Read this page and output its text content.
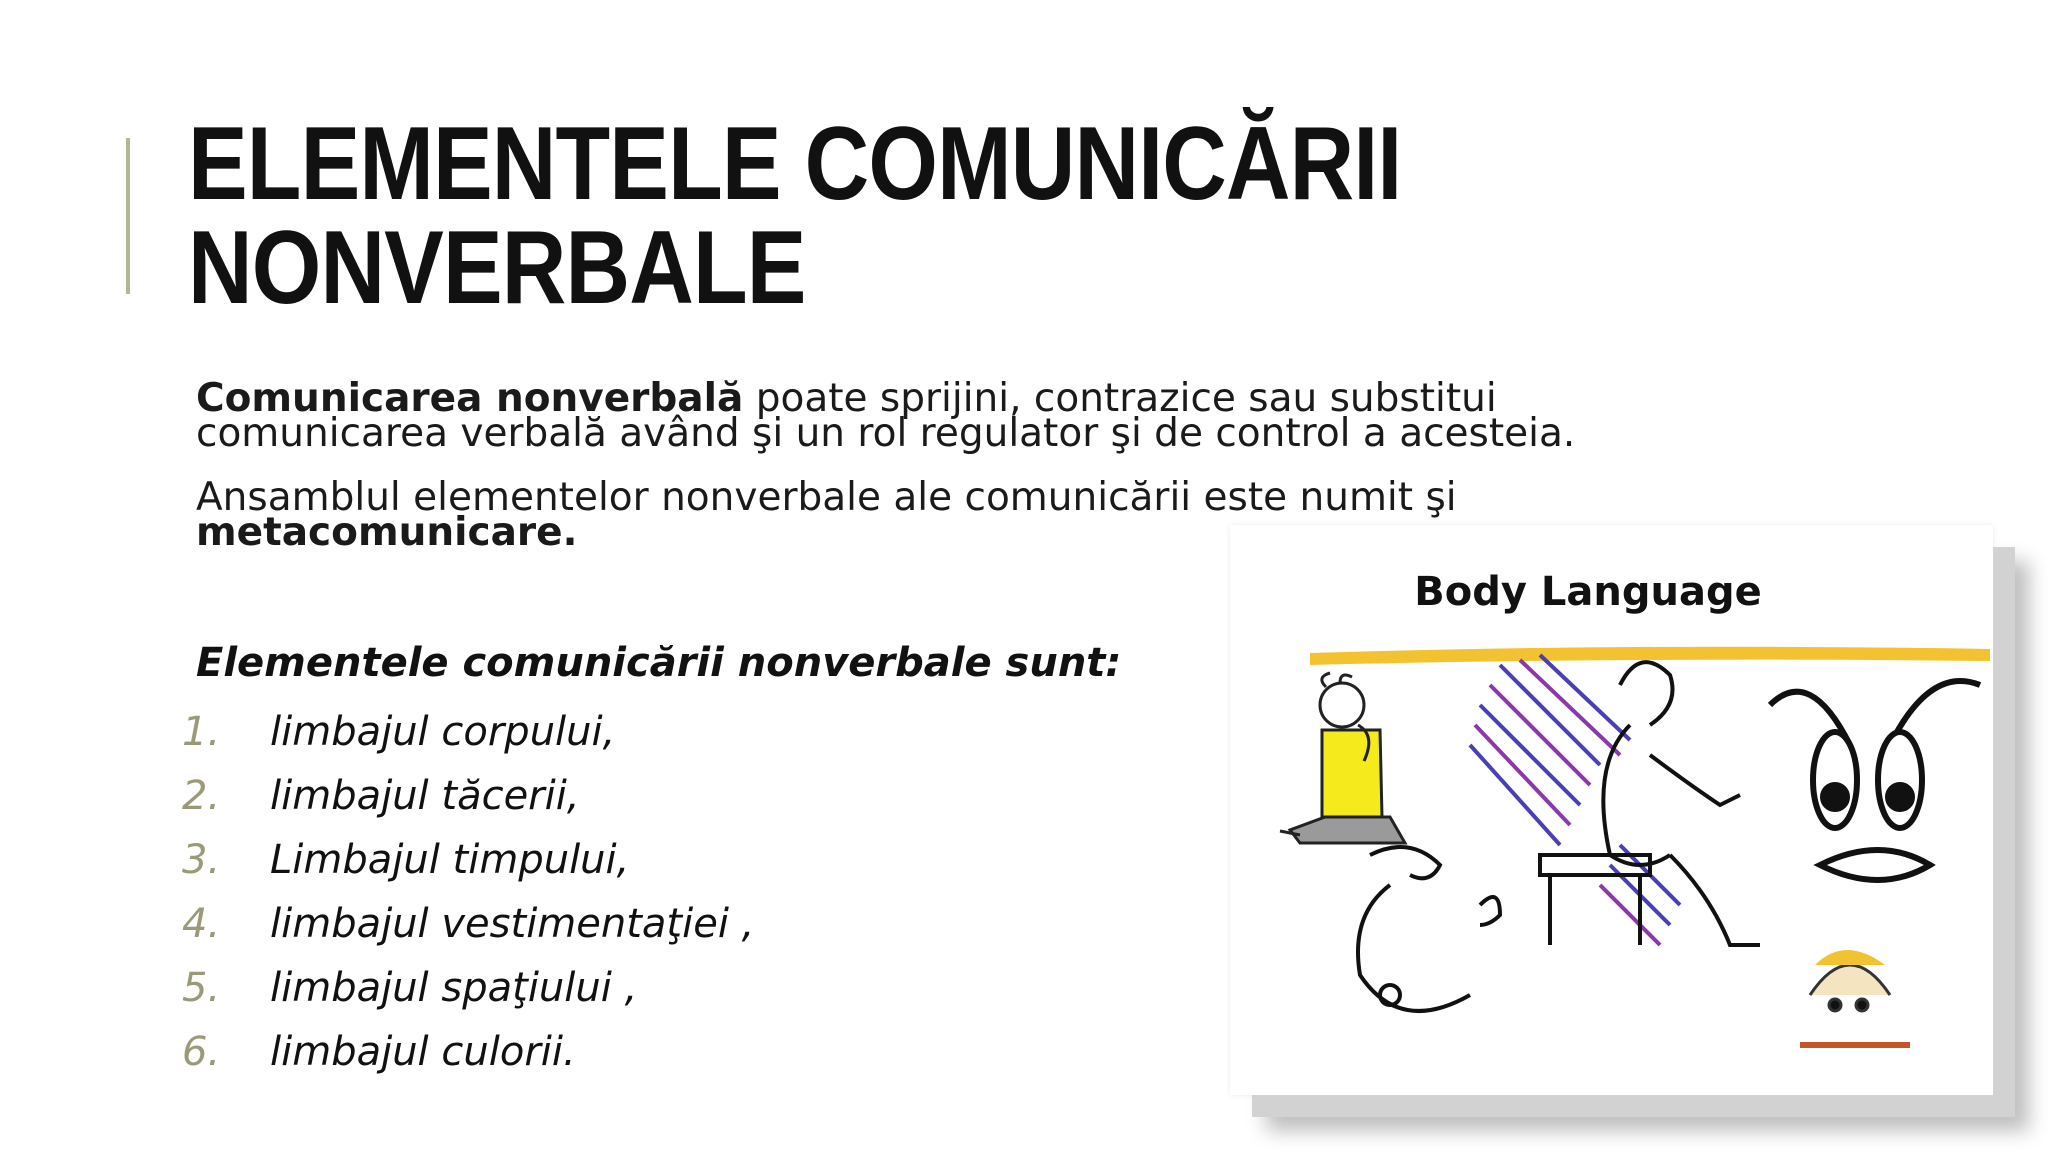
ELEMENTELE COMUNICĂRII
NONVERBALE

Comunicarea nonverbală poate sprijini, contrazice sau substitui comunicarea verbală având şi un rol regulator şi de control a acesteia.

Ansamblul elementelor nonverbale ale comunicării este numit şi metacomunicare.

Elementele comunicării nonverbale sunt:

1.	limbajul corpului,
2.	limbajul tăcerii,
3.	Limbajul timpului,
4.	limbajul vestimentaţiei ,
5.	limbajul spaţiului ,
6.	limbajul culorii.
Body Language
